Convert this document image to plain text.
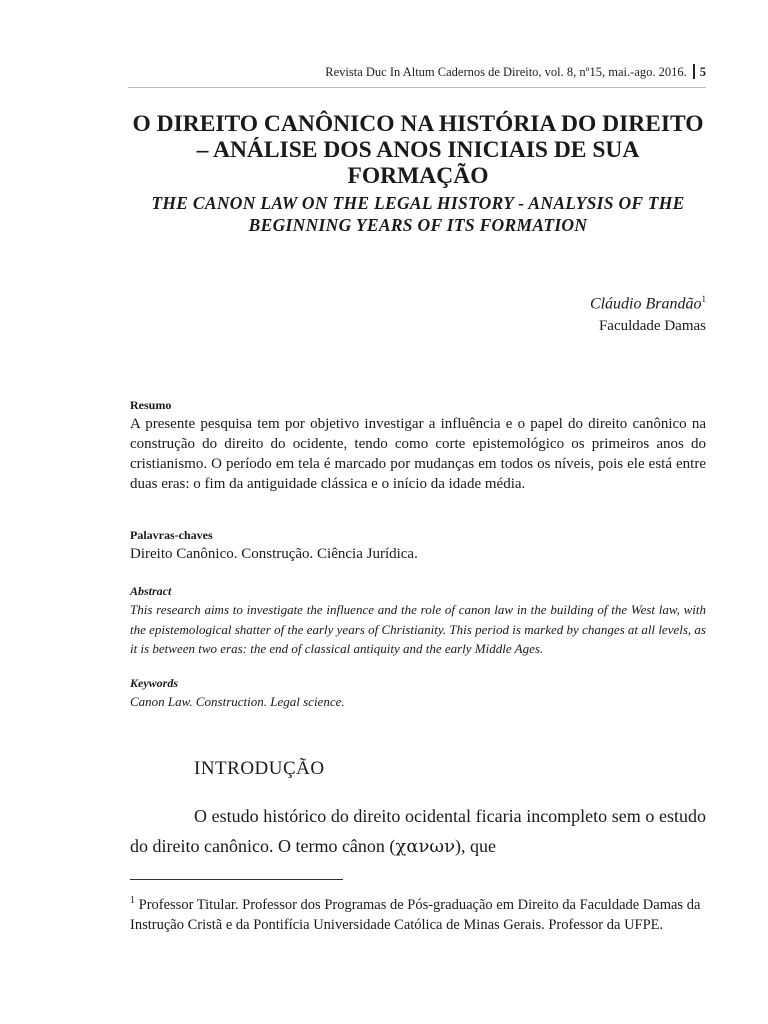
Revista Duc In Altum Cadernos de Direito, vol. 8, nº15, mai.-ago. 2016. 5
O DIREITO CANÔNICO NA HISTÓRIA DO DIREITO – ANÁLISE DOS ANOS INICIAIS DE SUA FORMAÇÃO
THE CANON LAW ON THE LEGAL HISTORY - ANALYSIS OF THE BEGINNING YEARS OF ITS FORMATION
Cláudio Brandão$^1$
Faculdade Damas
Resumo

A presente pesquisa tem por objetivo investigar a influência e o papel do direito canônico na construção do direito do ocidente, tendo como corte epistemológico os primeiros anos do cristianismo. O período em tela é marcado por mudanças em todos os níveis, pois ele está entre duas eras: o fim da antiguidade clássica e o início da idade média.

Palavras-chaves

Direito Canônico. Construção. Ciência Jurídica.

Abstract

This research aims to investigate the influence and the role of canon law in the building of the West law, with the epistemological shatter of the early years of Christianity. This period is marked by changes at all levels, as it is between two eras: the end of classical antiquity and the early Middle Ages.

Keywords

Canon Law. Construction. Legal science.

INTRODUÇÃO

O estudo histórico do direito ocidental ficaria incompleto sem o estudo do direito canônico. O termo cânon (χανων), que

$^1$ Professor Titular. Professor dos Programas de Pós-graduação em Direito da Faculdade Damas da Instrução Cristã e da Pontifícia Universidade Católica de Minas Gerais. Professor da UFPE.
